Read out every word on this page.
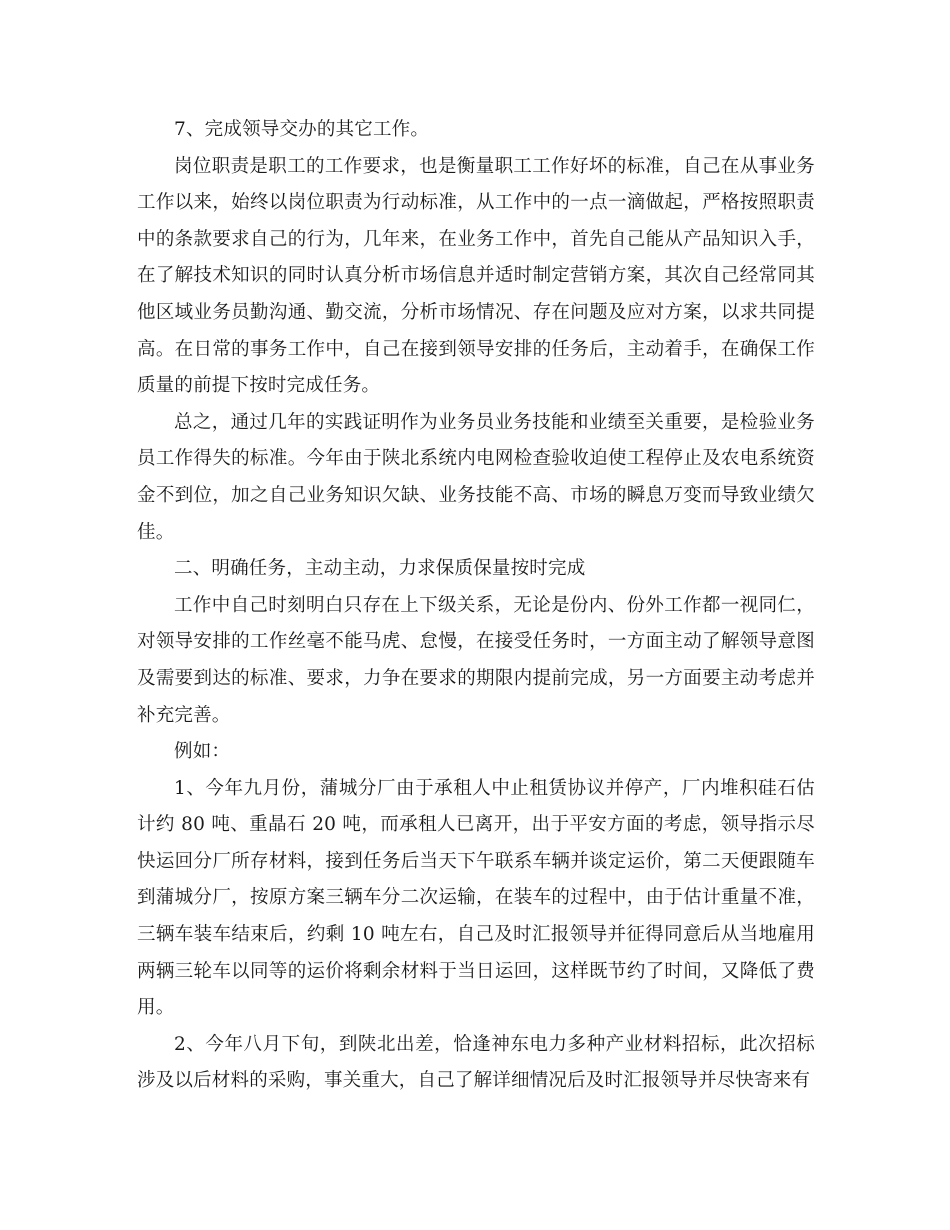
7、完成领导交办的其它工作。

岗位职责是职工的工作要求，也是衡量职工工作好坏的标准，自己在从事业务工作以来，始终以岗位职责为行动标准，从工作中的一点一滴做起，严格按照职责中的条款要求自己的行为，几年来，在业务工作中，首先自己能从产品知识入手，在了解技术知识的同时认真分析市场信息并适时制定营销方案，其次自己经常同其他区域业务员勤沟通、勤交流，分析市场情况、存在问题及应对方案，以求共同提高。在日常的事务工作中，自己在接到领导安排的任务后，主动着手，在确保工作质量的前提下按时完成任务。

总之，通过几年的实践证明作为业务员业务技能和业绩至关重要，是检验业务员工作得失的标准。今年由于陕北系统内电网检查验收迫使工程停止及农电系统资金不到位，加之自己业务知识欠缺、业务技能不高、市场的瞬息万变而导致业绩欠佳。

二、明确任务，主动主动，力求保质保量按时完成

工作中自己时刻明白只存在上下级关系，无论是份内、份外工作都一视同仁，对领导安排的工作丝毫不能马虎、怠慢，在接受任务时，一方面主动了解领导意图及需要到达的标准、要求，力争在要求的期限内提前完成，另一方面要主动考虑并补充完善。

例如：

1、今年九月份，蒲城分厂由于承租人中止租赁协议并停产，厂内堆积硅石估计约 80 吨、重晶石 20 吨，而承租人已离开，出于平安方面的考虑，领导指示尽快运回分厂所存材料，接到任务后当天下午联系车辆并谈定运价，第二天便跟随车到蒲城分厂，按原方案三辆车分二次运输，在装车的过程中，由于估计重量不准，三辆车装车结束后，约剩 10 吨左右，自己及时汇报领导并征得同意后从当地雇用两辆三轮车以同等的运价将剩余材料于当日运回，这样既节约了时间，又降低了费用。

2、今年八月下旬，到陕北出差，恰逢神东电力多种产业材料招标，此次招标涉及以后材料的采购，事关重大，自己了解详细情况后及时汇报领导并尽快寄来有
